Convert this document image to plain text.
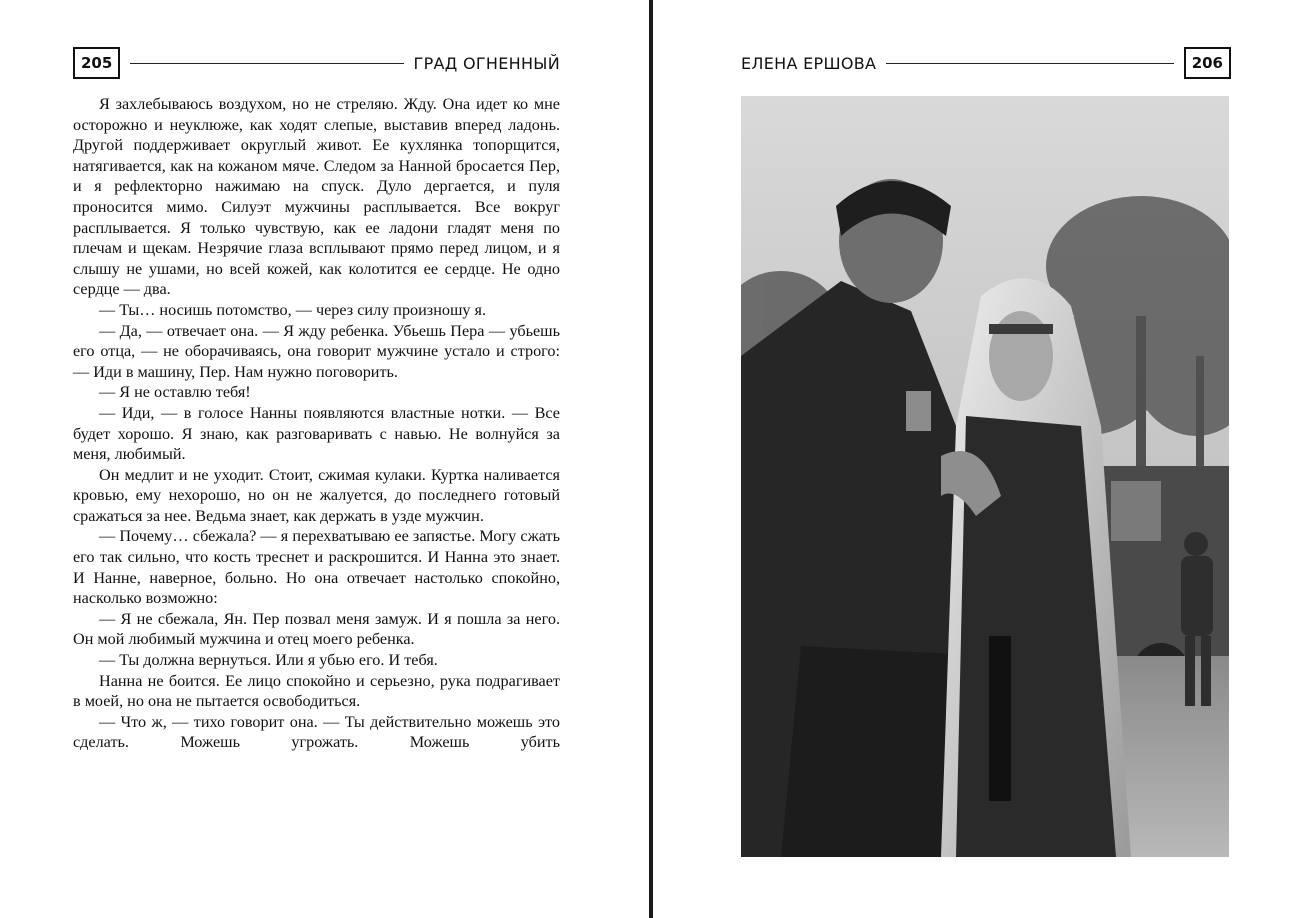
205	ГРАД ОГНЕННЫЙ

Я захлебываюсь воздухом, но не стреляю. Жду. Она идет ко мне осторожно и неуклюже, как ходят слепые, выставив вперед ладонь. Другой поддерживает округлый живот. Ее кухлянка топорщится, натягивается, как на кожаном мяче. Следом за Нанной бросается Пер, и я рефлекторно нажимаю на спуск. Дуло дергается, и пуля проносится мимо. Силуэт мужчины расплывается. Все вокруг расплывается. Я только чувствую, как ее ладони гладят меня по плечам и щекам. Незрячие глаза всплывают прямо перед лицом, и я слышу не ушами, но всей кожей, как колотится ее сердце. Не одно сердце — два.

— Ты… носишь потомство, — через силу произношу я.

— Да, — отвечает она. — Я жду ребенка. Убьешь Пера — убьешь его отца, — не оборачиваясь, она говорит мужчине устало и строго: — Иди в машину, Пер. Нам нужно поговорить.

— Я не оставлю тебя!

— Иди, — в голосе Нанны появляются властные нотки. — Все будет хорошо. Я знаю, как разговаривать с навью. Не волнуйся за меня, любимый.

Он медлит и не уходит. Стоит, сжимая кулаки. Куртка наливается кровью, ему нехорошо, но он не жалуется, до последнего готовый сражаться за нее. Ведьма знает, как держать в узде мужчин.

— Почему… сбежала? — я перехватываю ее запястье. Могу сжать его так сильно, что кость треснет и раскрошится. И Нанна это знает. И Нанне, наверное, больно. Но она отвечает настолько спокойно, насколько возможно:

— Я не сбежала, Ян. Пер позвал меня замуж. И я пошла за него. Он мой любимый мужчина и отец моего ребенка.

— Ты должна вернуться. Или я убью его. И тебя.

Нанна не боится. Ее лицо спокойно и серьезно, рука подрагивает в моей, но она не пытается освободиться.

— Что ж, — тихо говорит она. — Ты действительно можешь это сделать. Можешь угрожать. Можешь убить

ЕЛЕНА ЕРШОВА	206
